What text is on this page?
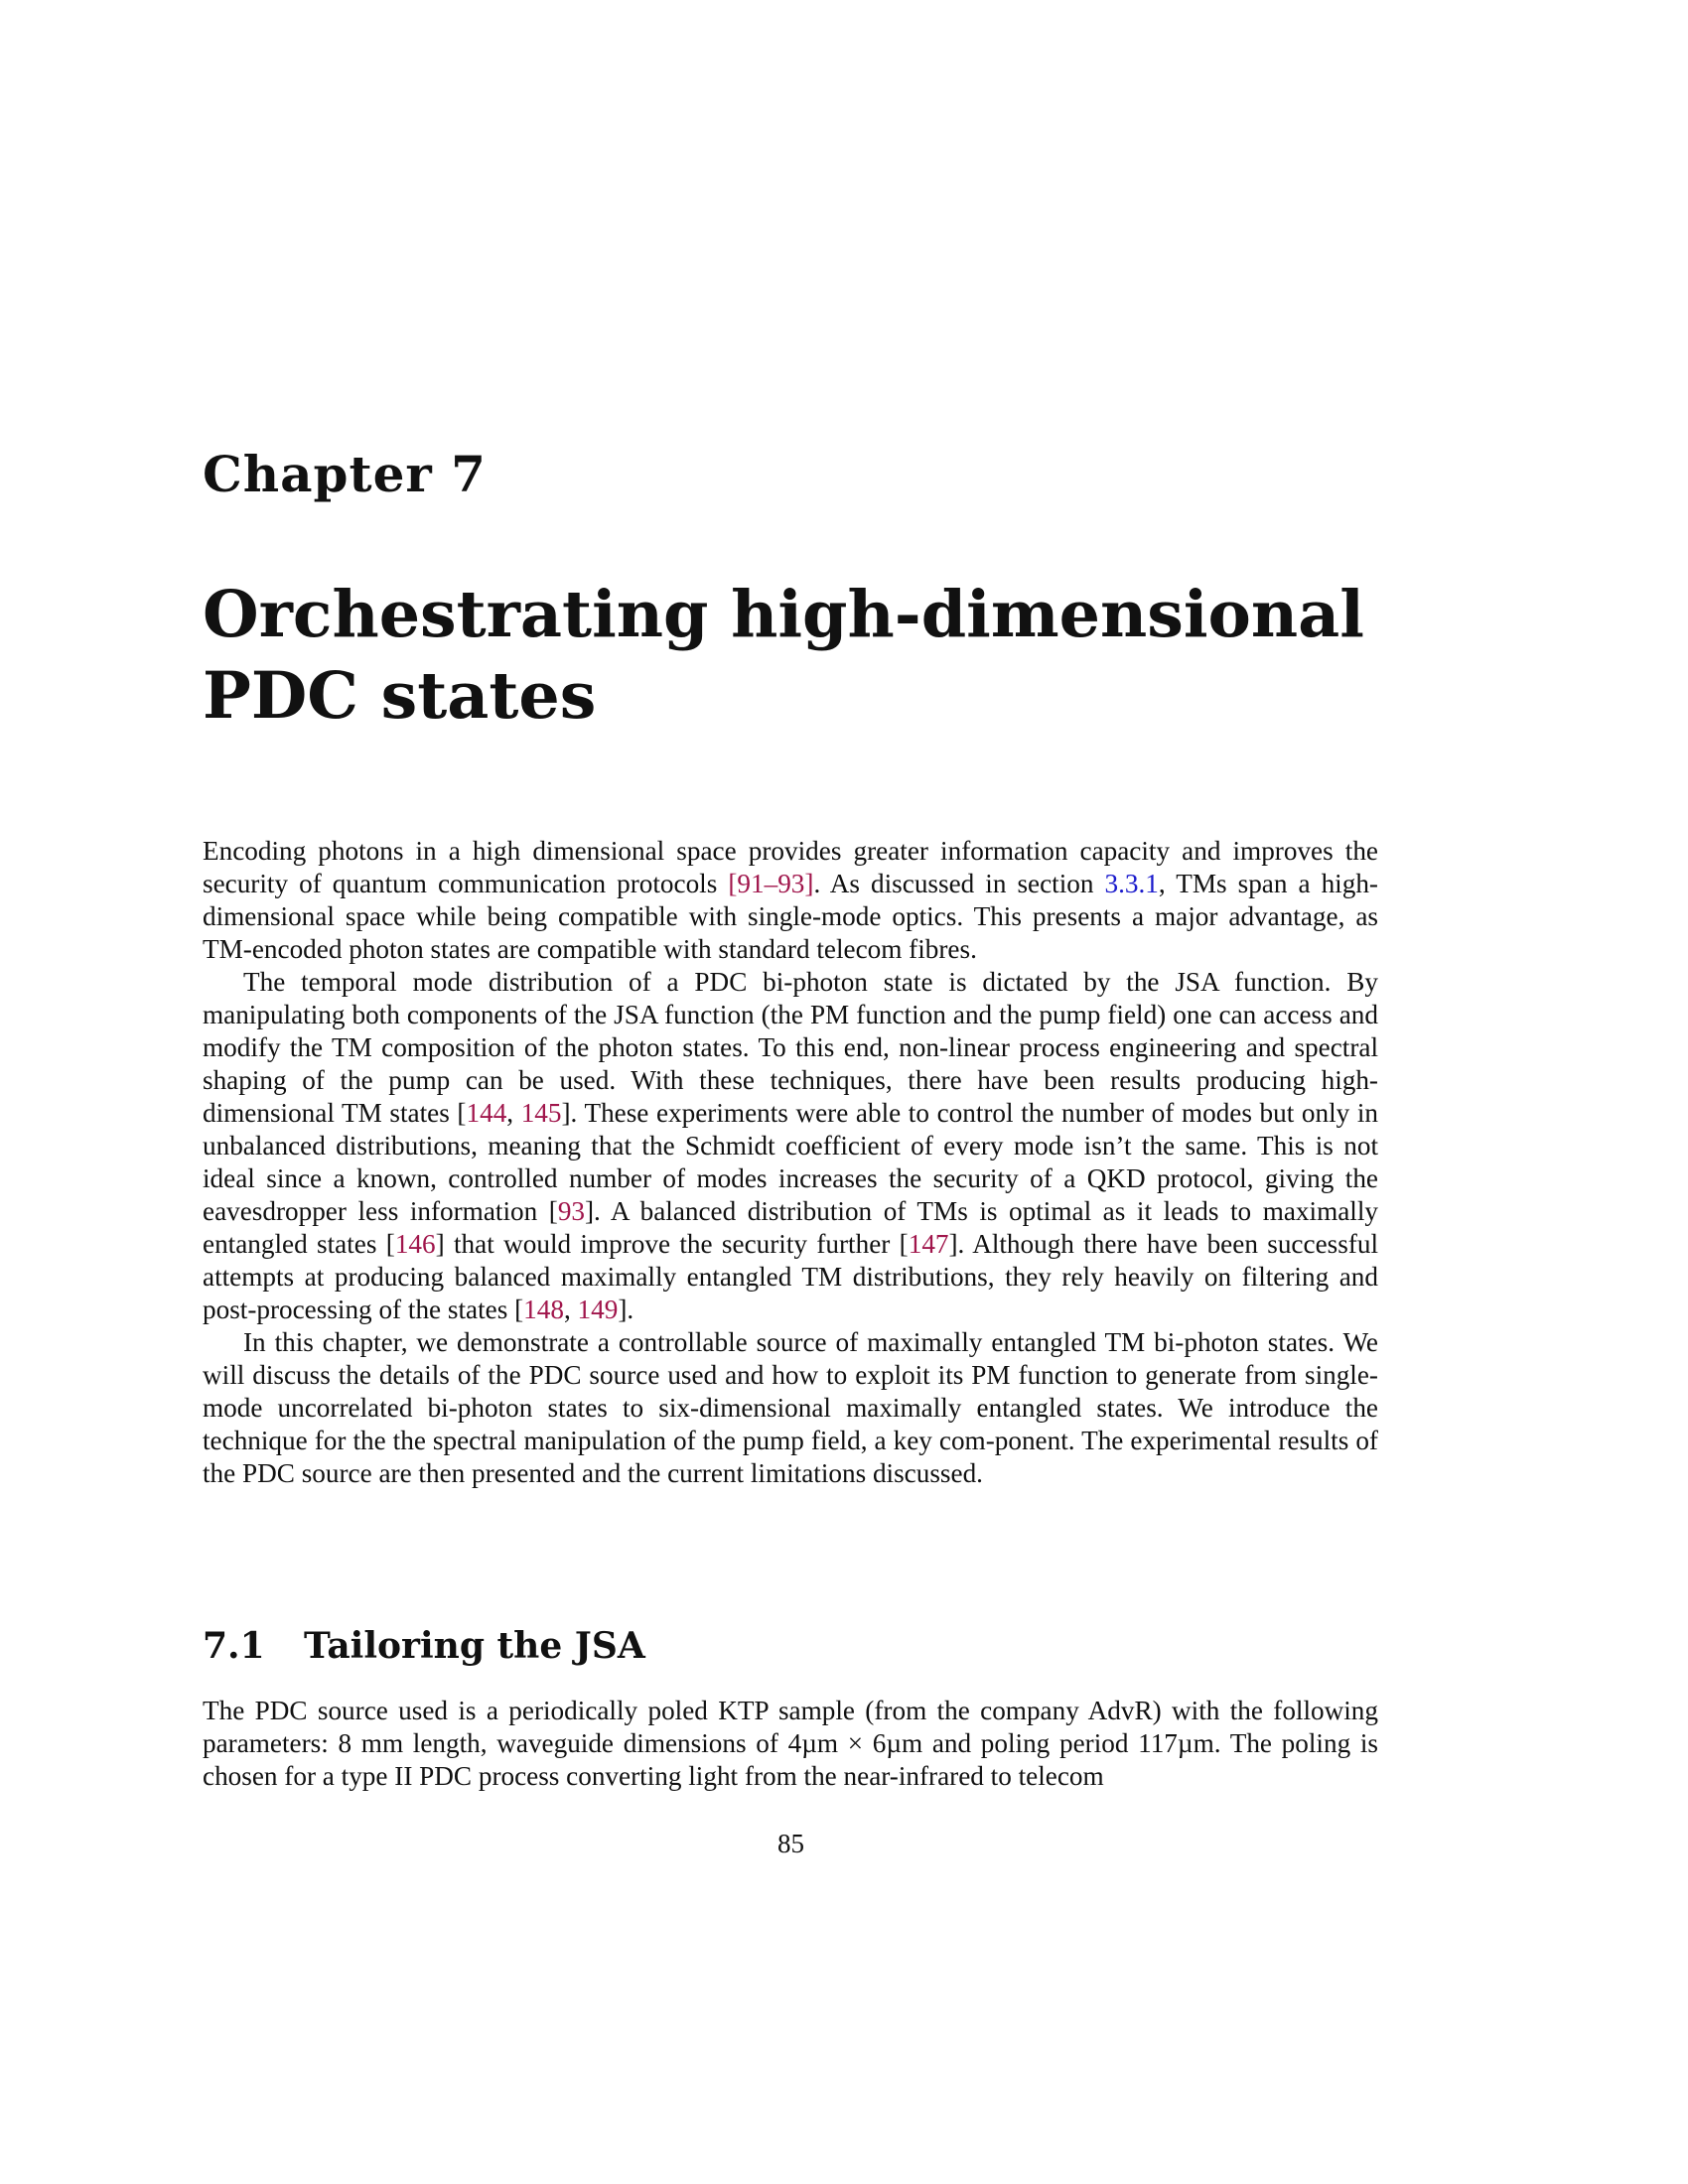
Chapter 7
Orchestrating high-dimensional
PDC states

Encoding photons in a high dimensional space provides greater information capacity and improves the security of quantum communication protocols [91–93]. As discussed in section 3.3.1, TMs span a high-dimensional space while being compatible with single-mode optics. This presents a major advantage, as TM-encoded photon states are compatible with standard telecom fibres.

The temporal mode distribution of a PDC bi-photon state is dictated by the JSA function. By manipulating both components of the JSA function (the PM function and the pump field) one can access and modify the TM composition of the photon states. To this end, non-linear process engineering and spectral shaping of the pump can be used. With these techniques, there have been results producing high-dimensional TM states [144, 145]. These experiments were able to control the number of modes but only in unbalanced distributions, meaning that the Schmidt coefficient of every mode isn’t the same. This is not ideal since a known, controlled number of modes increases the security of a QKD protocol, giving the eavesdropper less information [93]. A balanced distribution of TMs is optimal as it leads to maximally entangled states [146] that would improve the security further [147]. Although there have been successful attempts at producing balanced maximally entangled TM distributions, they rely heavily on filtering and post-processing of the states [148, 149].

In this chapter, we demonstrate a controllable source of maximally entangled TM bi-photon states. We will discuss the details of the PDC source used and how to exploit its PM function to generate from single-mode uncorrelated bi-photon states to six-dimensional maximally entangled states. We introduce the technique for the the spectral manipulation of the pump field, a key com-ponent. The experimental results of the PDC source are then presented and the current limitations discussed.

7.1 Tailoring the JSA

The PDC source used is a periodically poled KTP sample (from the company AdvR) with the following parameters: 8 mm length, waveguide dimensions of 4µm × 6µm and poling period 117µm. The poling is chosen for a type II PDC process converting light from the near-infrared to telecom

85
